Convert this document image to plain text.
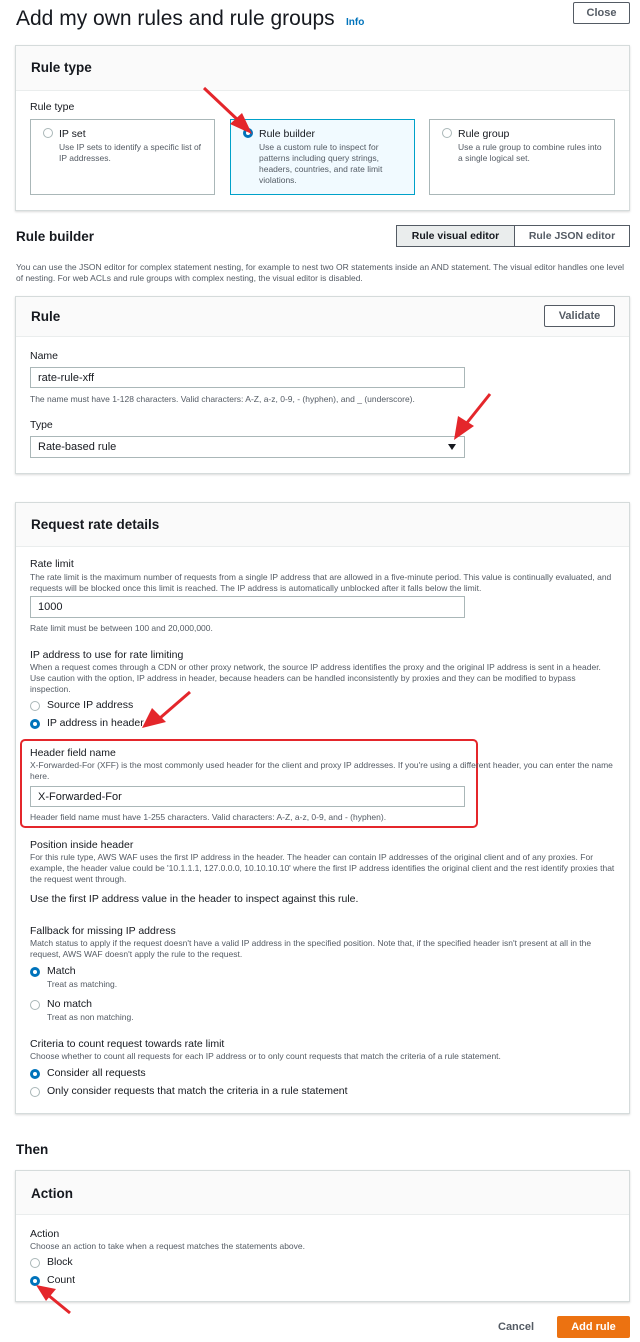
Add my own rules and rule groups Info
Close
Rule type
Rule type
IP set
Use IP sets to identify a specific list of IP addresses.
Rule builder
Use a custom rule to inspect for patterns including query strings, headers, countries, and rate limit violations.
Rule group
Use a rule group to combine rules into a single logical set.
Rule builder	Rule visual editor	Rule JSON editor
You can use the JSON editor for complex statement nesting, for example to nest two OR statements inside an AND statement. The visual editor handles one level of nesting. For web ACLs and rule groups with complex nesting, the visual editor is disabled.
Rule	Validate
Name
rate-rule-xff
The name must have 1-128 characters. Valid characters: A-Z, a-z, 0-9, - (hyphen), and _ (underscore).
Type
Rate-based rule
Request rate details
Rate limit
The rate limit is the maximum number of requests from a single IP address that are allowed in a five-minute period. This value is continually evaluated, and requests will be blocked once this limit is reached. The IP address is automatically unblocked after it falls below the limit.
1000
Rate limit must be between 100 and 20,000,000.
IP address to use for rate limiting
When a request comes through a CDN or other proxy network, the source IP address identifies the proxy and the original IP address is sent in a header. Use caution with the option, IP address in header, because headers can be handled inconsistently by proxies and they can be modified to bypass inspection.
Source IP address
IP address in header
Header field name
X-Forwarded-For (XFF) is the most commonly used header for the client and proxy IP addresses. If you're using a different header, you can enter the name here.
X-Forwarded-For
Header field name must have 1-255 characters. Valid characters: A-Z, a-z, 0-9, and - (hyphen).
Position inside header
For this rule type, AWS WAF uses the first IP address in the header. The header can contain IP addresses of the original client and of any proxies. For example, the header value could be '10.1.1.1, 127.0.0.0, 10.10.10.10' where the first IP address identifies the original client and the rest identify proxies that the request went through.
Use the first IP address value in the header to inspect against this rule.
Fallback for missing IP address
Match status to apply if the request doesn't have a valid IP address in the specified position. Note that, if the specified header isn't present at all in the request, AWS WAF doesn't apply the rule to the request.
Match
Treat as matching.
No match
Treat as non matching.
Criteria to count request towards rate limit
Choose whether to count all requests for each IP address or to only count requests that match the criteria of a rule statement.
Consider all requests
Only consider requests that match the criteria in a rule statement
Then
Action
Action
Choose an action to take when a request matches the statements above.
Block
Count
Cancel	Add rule
